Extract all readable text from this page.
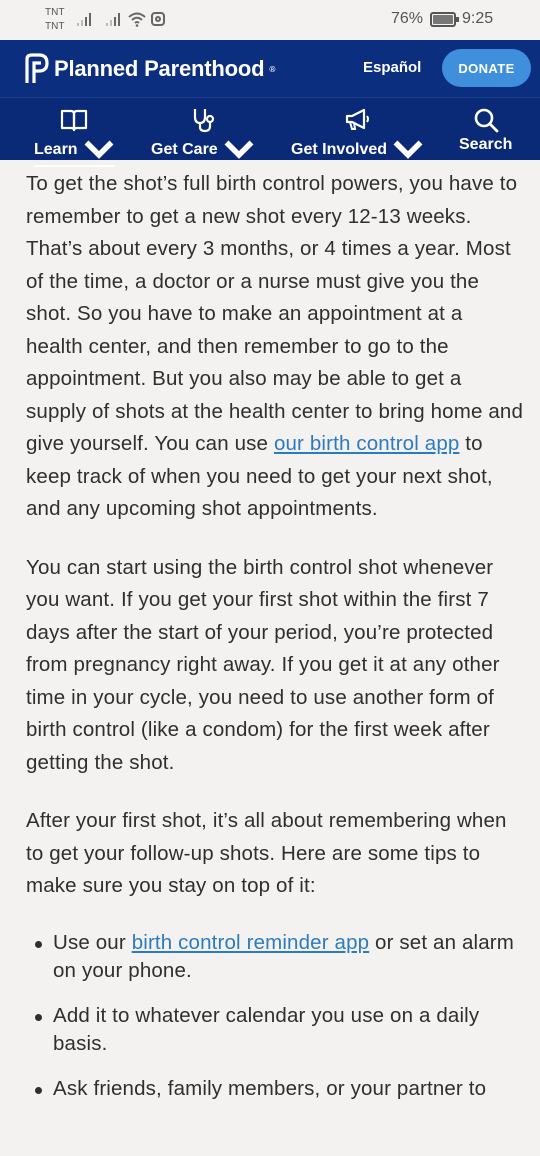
TNT
TNT	76% 9:25
Planned Parenthood ®	Español	DONATE
Learn	Get Care	Get Involved	Search

To get the shot’s full birth control powers, you have to remember to get a new shot every 12-13 weeks. That’s about every 3 months, or 4 times a year. Most of the time, a doctor or a nurse must give you the shot. So you have to make an appointment at a health center, and then remember to go to the appointment. But you also may be able to get a supply of shots at the health center to bring home and give yourself. You can use our birth control app to keep track of when you need to get your next shot, and any upcoming shot appointments.

You can start using the birth control shot whenever you want. If you get your first shot within the first 7 days after the start of your period, you’re protected from pregnancy right away. If you get it at any other time in your cycle, you need to use another form of birth control (like a condom) for the first week after getting the shot.

After your first shot, it’s all about remembering when to get your follow-up shots. Here are some tips to make sure you stay on top of it:

Use our birth control reminder app or set an alarm on your phone.
Add it to whatever calendar you use on a daily basis.
Ask friends, family members, or your partner to
